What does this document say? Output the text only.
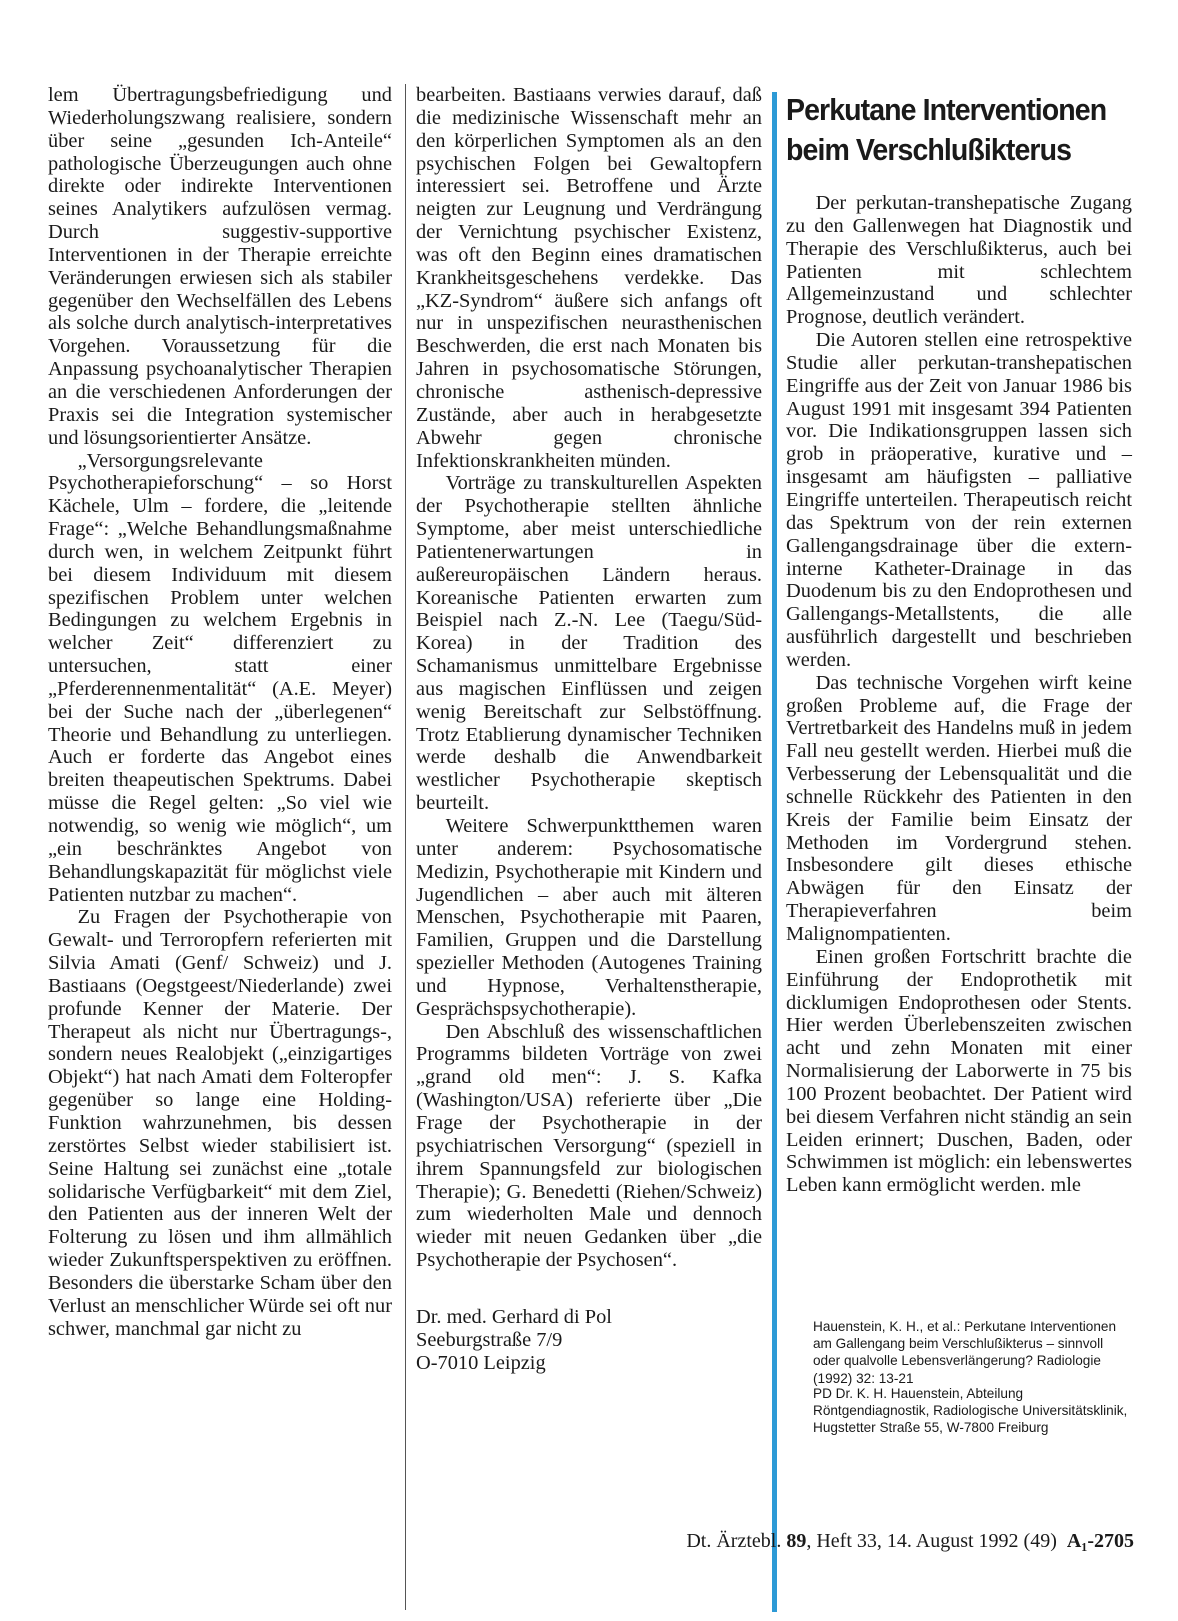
lem Übertragungsbefriedigung und Wiederholungszwang realisiere, sondern über seine „gesunden Ich-Anteile“ pathologische Überzeugungen auch ohne direkte oder indirekte Interventionen seines Analytikers aufzulösen vermag. Durch suggestiv-supportive Interventionen in der Therapie erreichte Veränderungen erwiesen sich als stabiler gegenüber den Wechselfällen des Lebens als solche durch analytisch-interpretatives Vorgehen. Voraussetzung für die Anpassung psychoanalytischer Therapien an die verschiedenen Anforderungen der Praxis sei die Integration systemischer und lösungsorientierter Ansätze.

„Versorgungsrelevante Psychotherapieforschung“ – so Horst Kächele, Ulm – fordere, die „leitende Frage“: „Welche Behandlungsmaßnahme durch wen, in welchem Zeitpunkt führt bei diesem Individuum mit diesem spezifischen Problem unter welchen Bedingungen zu welchem Ergebnis in welcher Zeit“ differenziert zu untersuchen, statt einer „Pferderennenmentalität“ (A.E. Meyer) bei der Suche nach der „überlegenen“ Theorie und Behandlung zu unterliegen. Auch er forderte das Angebot eines breiten theapeutischen Spektrums. Dabei müsse die Regel gelten: „So viel wie notwendig, so wenig wie möglich“, um „ein beschränktes Angebot von Behandlungskapazität für möglichst viele Patienten nutzbar zu machen“.

Zu Fragen der Psychotherapie von Gewalt- und Terroropfern referierten mit Silvia Amati (Genf/ Schweiz) und J. Bastiaans (Oegstgeest/Niederlande) zwei profunde Kenner der Materie. Der Therapeut als nicht nur Übertragungs-, sondern neues Realobjekt („einzigartiges Objekt“) hat nach Amati dem Folteropfer gegenüber so lange eine Holding-Funktion wahrzunehmen, bis dessen zerstörtes Selbst wieder stabilisiert ist. Seine Haltung sei zunächst eine „totale solidarische Verfügbarkeit“ mit dem Ziel, den Patienten aus der inneren Welt der Folterung zu lösen und ihm allmählich wieder Zukunftsperspektiven zu eröffnen. Besonders die überstarke Scham über den Verlust an menschlicher Würde sei oft nur schwer, manchmal gar nicht zu

bearbeiten. Bastiaans verwies darauf, daß die medizinische Wissenschaft mehr an den körperlichen Symptomen als an den psychischen Folgen bei Gewaltopfern interessiert sei. Betroffene und Ärzte neigten zur Leugnung und Verdrängung der Vernichtung psychischer Existenz, was oft den Beginn eines dramatischen Krankheitsgeschehens verdekke. Das „KZ-Syndrom“ äußere sich anfangs oft nur in unspezifischen neurasthenischen Beschwerden, die erst nach Monaten bis Jahren in psychosomatische Störungen, chronische asthenisch-depressive Zustände, aber auch in herabgesetzte Abwehr gegen chronische Infektionskrankheiten münden.

Vorträge zu transkulturellen Aspekten der Psychotherapie stellten ähnliche Symptome, aber meist unterschiedliche Patientenerwartungen in außereuropäischen Ländern heraus. Koreanische Patienten erwarten zum Beispiel nach Z.-N. Lee (Taegu/Süd-Korea) in der Tradition des Schamanismus unmittelbare Ergebnisse aus magischen Einflüssen und zeigen wenig Bereitschaft zur Selbstöffnung. Trotz Etablierung dynamischer Techniken werde deshalb die Anwendbarkeit westlicher Psychotherapie skeptisch beurteilt.

Weitere Schwerpunktthemen waren unter anderem: Psychosomatische Medizin, Psychotherapie mit Kindern und Jugendlichen – aber auch mit älteren Menschen, Psychotherapie mit Paaren, Familien, Gruppen und die Darstellung spezieller Methoden (Autogenes Training und Hypnose, Verhaltenstherapie, Gesprächspsychotherapie).

Den Abschluß des wissenschaftlichen Programms bildeten Vorträge von zwei „grand old men“: J. S. Kafka (Washington/USA) referierte über „Die Frage der Psychotherapie in der psychiatrischen Versorgung“ (speziell in ihrem Spannungsfeld zur biologischen Therapie); G. Benedetti (Riehen/Schweiz) zum wiederholten Male und dennoch wieder mit neuen Gedanken über „die Psychotherapie der Psychosen“.

Dr. med. Gerhard di Pol
Seeburgstraße 7/9
O-7010 Leipzig
Perkutane Interventionen
beim Verschlußikterus

Der perkutan-transhepatische Zugang zu den Gallenwegen hat Diagnostik und Therapie des Verschlußikterus, auch bei Patienten mit schlechtem Allgemeinzustand und schlechter Prognose, deutlich verändert.

Die Autoren stellen eine retrospektive Studie aller perkutan-transhepatischen Eingriffe aus der Zeit von Januar 1986 bis August 1991 mit insgesamt 394 Patienten vor. Die Indikationsgruppen lassen sich grob in präoperative, kurative und – insgesamt am häufigsten – palliative Eingriffe unterteilen. Therapeutisch reicht das Spektrum von der rein externen Gallengangsdrainage über die extern-interne Katheter-Drainage in das Duodenum bis zu den Endoprothesen und Gallengangs-Metallstents, die alle ausführlich dargestellt und beschrieben werden.

Das technische Vorgehen wirft keine großen Probleme auf, die Frage der Vertretbarkeit des Handelns muß in jedem Fall neu gestellt werden. Hierbei muß die Verbesserung der Lebensqualität und die schnelle Rückkehr des Patienten in den Kreis der Familie beim Einsatz der Methoden im Vordergrund stehen. Insbesondere gilt dieses ethische Abwägen für den Einsatz der Therapieverfahren beim Malignompatienten.

Einen großen Fortschritt brachte die Einführung der Endoprothetik mit dicklumigen Endoprothesen oder Stents. Hier werden Überlebenszeiten zwischen acht und zehn Monaten mit einer Normalisierung der Laborwerte in 75 bis 100 Prozent beobachtet. Der Patient wird bei diesem Verfahren nicht ständig an sein Leiden erinnert; Duschen, Baden, oder Schwimmen ist möglich: ein lebenswertes Leben kann ermöglicht werden. mle

Hauenstein, K. H., et al.: Perkutane Interventionen am Gallengang beim Verschlußikterus – sinnvoll oder qualvolle Lebensverlängerung? Radiologie (1992) 32: 13-21
PD Dr. K. H. Hauenstein, Abteilung Röntgendiagnostik, Radiologische Universitätsklinik, Hugstetter Straße 55, W-7800 Freiburg
Dt. Ärztebl. 89, Heft 33, 14. August 1992 (49) A₁-2705
